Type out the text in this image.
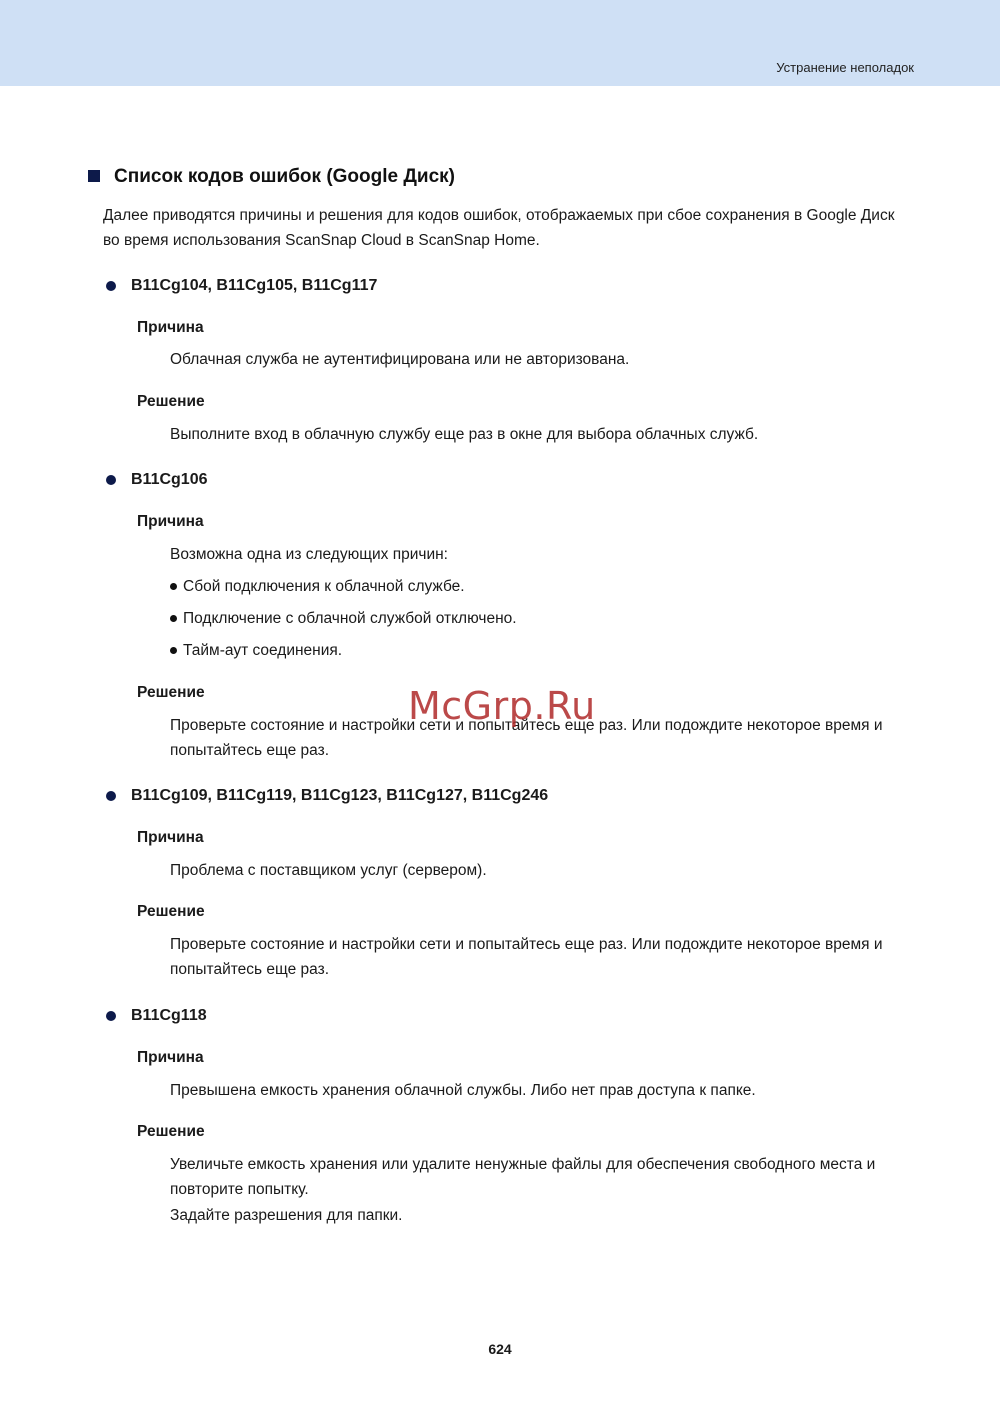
Устранение неполадок
Список кодов ошибок (Google Диск)
Далее приводятся причины и решения для кодов ошибок, отображаемых при сбое сохранения в Google Диск во время использования ScanSnap Cloud в ScanSnap Home.
B11Cg104, B11Cg105, B11Cg117
Причина
Облачная служба не аутентифицирована или не авторизована.
Решение
Выполните вход в облачную службу еще раз в окне для выбора облачных служб.
B11Cg106
Причина
Возможна одна из следующих причин:
Сбой подключения к облачной службе.
Подключение с облачной службой отключено.
Тайм-аут соединения.
Решение
Проверьте состояние и настройки сети и попытайтесь еще раз. Или подождите некоторое время и попытайтесь еще раз.
B11Cg109, B11Cg119, B11Cg123, B11Cg127, B11Cg246
Причина
Проблема с поставщиком услуг (сервером).
Решение
Проверьте состояние и настройки сети и попытайтесь еще раз. Или подождите некоторое время и попытайтесь еще раз.
B11Cg118
Причина
Превышена емкость хранения облачной службы. Либо нет прав доступа к папке.
Решение
Увеличьте емкость хранения или удалите ненужные файлы для обеспечения свободного места и повторите попытку.
Задайте разрешения для папки.
McGrp.Ru
624
